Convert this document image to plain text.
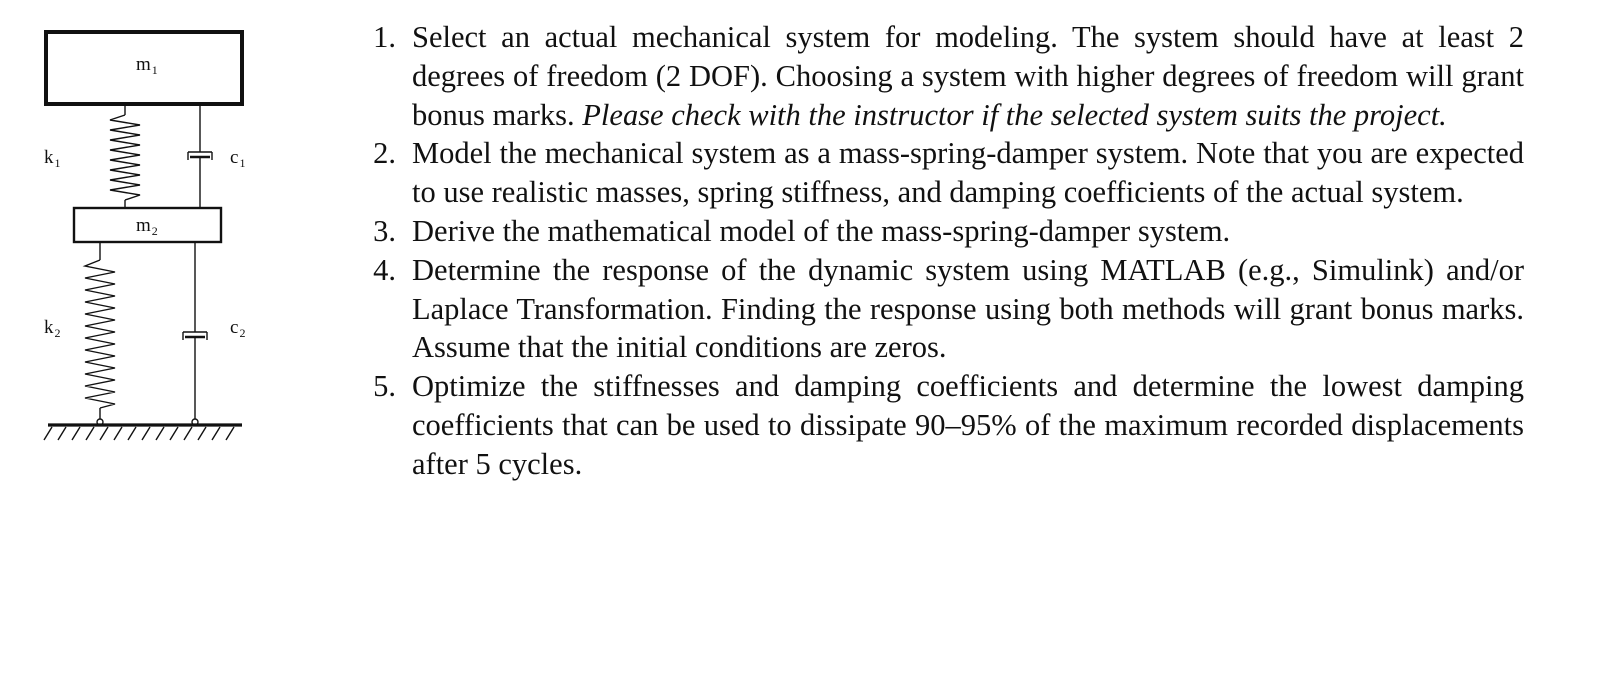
$m_1$
$k_1$	$c_1$
$m_2$
$k_2$	$c_2$
1. Select an actual mechanical system for modeling. The system should have at least 2 degrees of freedom (2 DOF). Choosing a system with higher degrees of freedom will grant bonus marks. Please check with the instructor if the selected system suits the project.
2. Model the mechanical system as a mass-spring-damper system. Note that you are expected to use realistic masses, spring stiffness, and damping coefficients of the actual system.
3. Derive the mathematical model of the mass-spring-damper system.
4. Determine the response of the dynamic system using MATLAB (e.g., Simulink) and/or Laplace Transformation. Finding the response using both methods will grant bonus marks. Assume that the initial conditions are zeros.
5. Optimize the stiffnesses and damping coefficients and determine the lowest damping coefficients that can be used to dissipate 90–95% of the maximum recorded displacements after 5 cycles.
